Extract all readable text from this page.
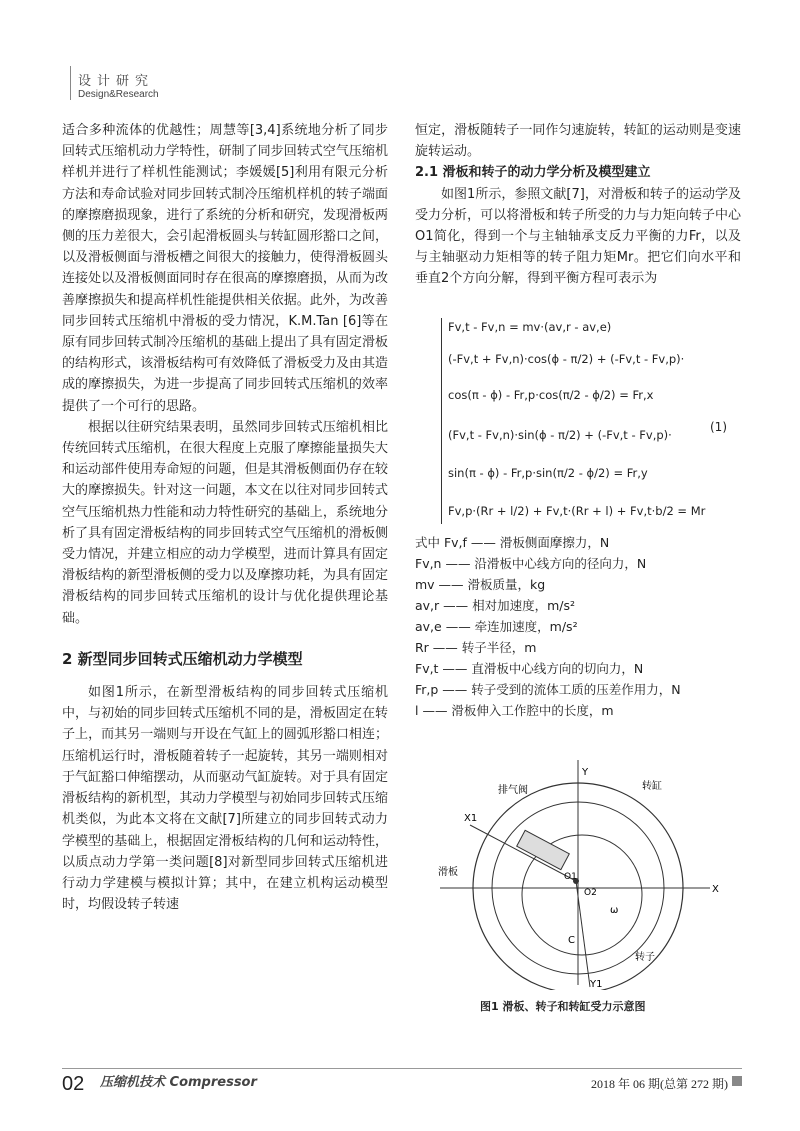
设计研究
Design&Research

适合多种流体的优越性；周慧等[3,4]系统地分析了同步回转式压缩机动力学特性，研制了同步回转式空气压缩机样机并进行了样机性能测试；李媛媛[5]利用有限元分析方法和寿命试验对同步回转式制冷压缩机样机的转子端面的摩擦磨损现象，进行了系统的分析和研究，发现滑板两侧的压力差很大，会引起滑板圆头与转缸圆形豁口之间，以及滑板侧面与滑板槽之间很大的接触力，使得滑板圆头连接处以及滑板侧面同时存在很高的摩擦磨损，从而为改善摩擦损失和提高样机性能提供相关依据。此外，为改善同步回转式压缩机中滑板的受力情况，K.M.Tan [6]等在原有同步回转式制冷压缩机的基础上提出了具有固定滑板的结构形式，该滑板结构可有效降低了滑板受力及由其造成的摩擦损失，为进一步提高了同步回转式压缩机的效率提供了一个可行的思路。

根据以往研究结果表明，虽然同步回转式压缩机相比传统回转式压缩机，在很大程度上克服了摩擦能量损失大和运动部件使用寿命短的问题，但是其滑板侧面仍存在较大的摩擦损失。针对这一问题，本文在以往对同步回转式空气压缩机热力性能和动力特性研究的基础上，系统地分析了具有固定滑板结构的同步回转式空气压缩机的滑板侧受力情况，并建立相应的动力学模型，进而计算具有固定滑板结构的新型滑板侧的受力以及摩擦功耗，为具有固定滑板结构的同步回转式压缩机的设计与优化提供理论基础。

2 新型同步回转式压缩机动力学模型

如图1所示，在新型滑板结构的同步回转式压缩机中，与初始的同步回转式压缩机不同的是，滑板固定在转子上，而其另一端则与开设在气缸上的圆弧形豁口相连；压缩机运行时，滑板随着转子一起旋转，其另一端则相对于气缸豁口伸缩摆动，从而驱动气缸旋转。对于具有固定滑板结构的新机型，其动力学模型与初始同步回转式压缩机类似，为此本文将在文献[7]所建立的同步回转式动力学模型的基础上，根据固定滑板结构的几何和运动特性，以质点动力学第一类问题[8]对新型同步回转式压缩机进行动力学建模与模拟计算；其中，在建立机构运动模型时，均假设转子转速

恒定，滑板随转子一同作匀速旋转，转缸的运动则是变速旋转运动。

2.1 滑板和转子的动力学分析及模型建立

如图1所示，参照文献[7]，对滑板和转子的运动学及受力分析，可以将滑板和转子所受的力与力矩向转子中心O1简化，得到一个与主轴轴承支反力平衡的力Fr，以及与主轴驱动力矩相等的转子阻力矩Mr。把它们向水平和垂直2个方向分解，得到平衡方程可表示为

Fv,t - Fv,n = mv·(av,r - av,e)
(-Fv,t + Fv,n)·cos(ϕ - π/2) + (-Fv,t - Fv,p)·
cos(π - ϕ) - Fr,p·cos(π/2 - ϕ/2) = Fr,x
(Fv,t - Fv,n)·sin(ϕ - π/2) + (-Fv,t - Fv,p)·
sin(π - ϕ) - Fr,p·sin(π/2 - ϕ/2) = Fr,y
Fv,p·(Rr + l/2) + Fv,t·(Rr + l) + Fv,t·b/2 = Mr
(1)
式中 Fv,f —— 滑板侧面摩擦力，N
Fv,n —— 沿滑板中心线方向的径向力，N
mv —— 滑板质量，kg
av,r —— 相对加速度，m/s²
av,e —— 牵连加速度，m/s²
Rr —— 转子半径，m
Fv,t —— 直滑板中心线方向的切向力，N
Fr,p —— 转子受到的流体工质的压差作用力，N
l —— 滑板伸入工作腔中的长度，m
Y
X
X1
Y1
排气阀	转缸
滑板
转子
C
O1
O2
ω
图1 滑板、转子和转缸受力示意图
02 压缩机技术 Compressor	2018 年 06 期(总第 272 期)
